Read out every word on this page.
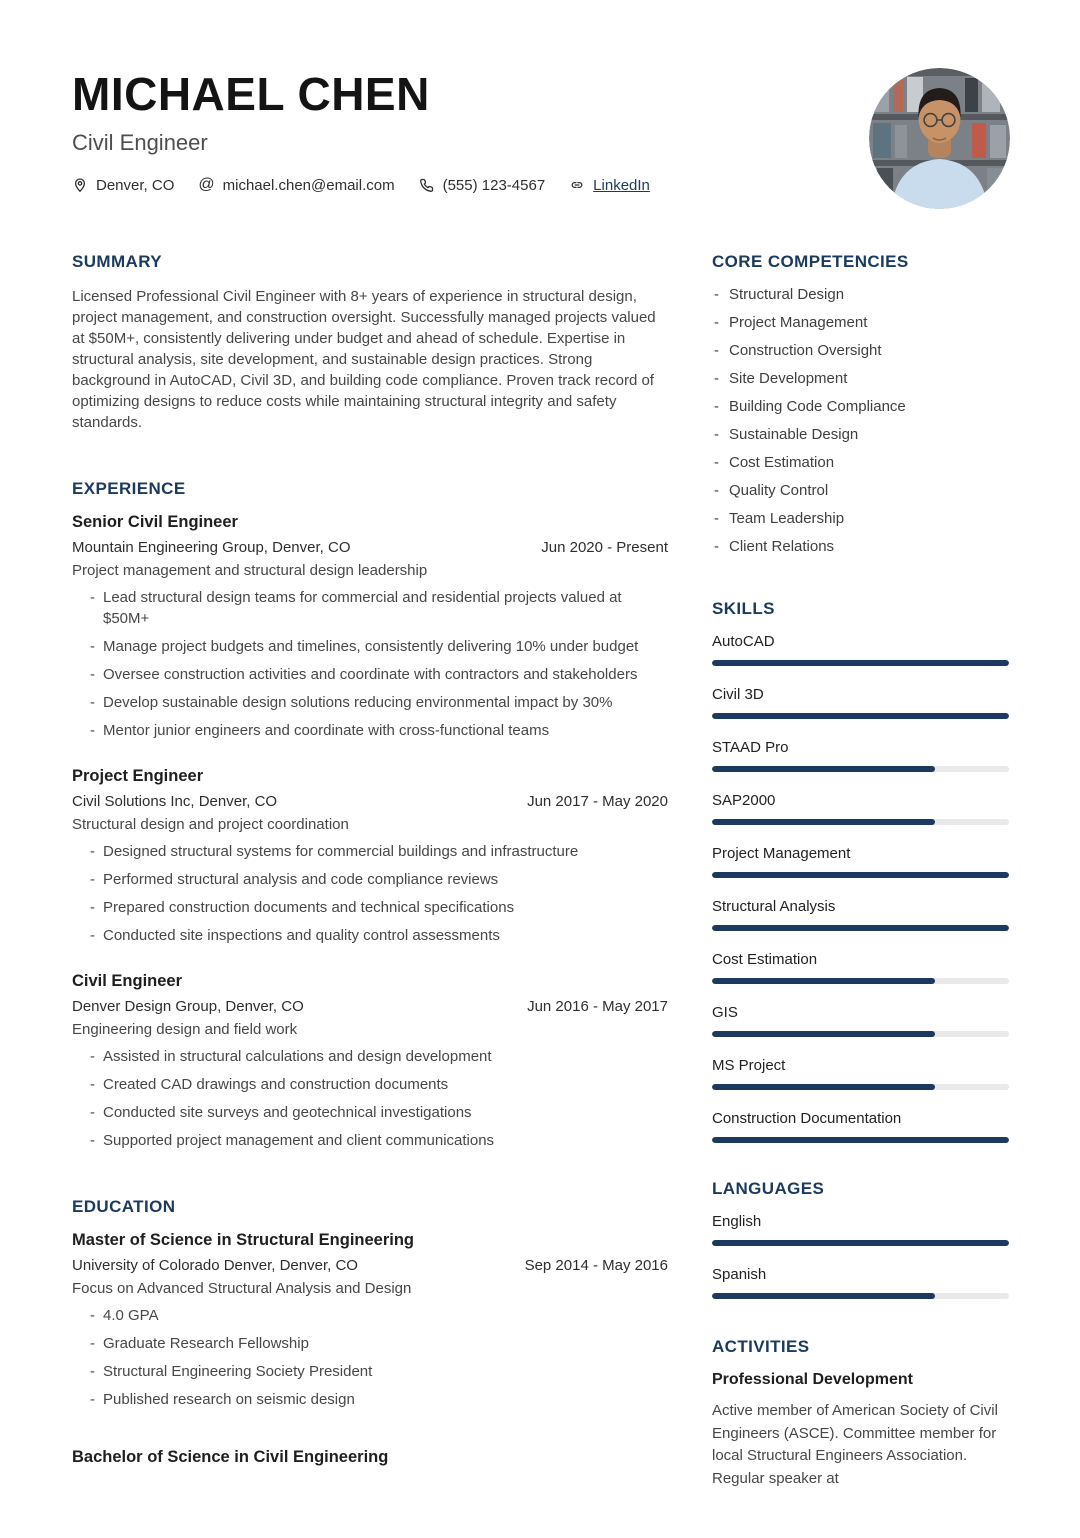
MICHAEL CHEN
Civil Engineer
Denver, CO @ michael.chen@email.com	(555) 123-4567	LinkedIn
SUMMARY

Licensed Professional Civil Engineer with 8+ years of experience in structural design, project management, and construction oversight. Successfully managed projects valued at $50M+, consistently delivering under budget and ahead of schedule. Expertise in structural analysis, site development, and sustainable design practices. Strong background in AutoCAD, Civil 3D, and building code compliance. Proven track record of optimizing designs to reduce costs while maintaining structural integrity and safety standards.

EXPERIENCE
Senior Civil Engineer
Mountain Engineering Group, Denver, CO	Jun 2020 - Present
Project management and structural design leadership
- Lead structural design teams for commercial and residential projects valued at $50M+
- Manage project budgets and timelines, consistently delivering 10% under budget
- Oversee construction activities and coordinate with contractors and stakeholders
- Develop sustainable design solutions reducing environmental impact by 30%
- Mentor junior engineers and coordinate with cross-functional teams
Project Engineer
Civil Solutions Inc, Denver, CO	Jun 2017 - May 2020
Structural design and project coordination
- Designed structural systems for commercial buildings and infrastructure
- Performed structural analysis and code compliance reviews
- Prepared construction documents and technical specifications
- Conducted site inspections and quality control assessments
Civil Engineer
Denver Design Group, Denver, CO	Jun 2016 - May 2017
Engineering design and field work
- Assisted in structural calculations and design development
- Created CAD drawings and construction documents
- Conducted site surveys and geotechnical investigations
- Supported project management and client communications
EDUCATION
Master of Science in Structural Engineering
University of Colorado Denver, Denver, CO	Sep 2014 - May 2016
Focus on Advanced Structural Analysis and Design
- 4.0 GPA
- Graduate Research Fellowship
- Structural Engineering Society President
- Published research on seismic design
Bachelor of Science in Civil Engineering
CORE COMPETENCIES
- Structural Design
- Project Management
- Construction Oversight
- Site Development
- Building Code Compliance
- Sustainable Design
- Cost Estimation
- Quality Control
- Team Leadership
- Client Relations
SKILLS
AutoCAD
Civil 3D
STAAD Pro
SAP2000
Project Management
Structural Analysis
Cost Estimation
GIS
MS Project
Construction Documentation
LANGUAGES
English
Spanish
ACTIVITIES
Professional Development

Active member of American Society of Civil Engineers (ASCE). Committee member for local Structural Engineers Association. Regular speaker at
